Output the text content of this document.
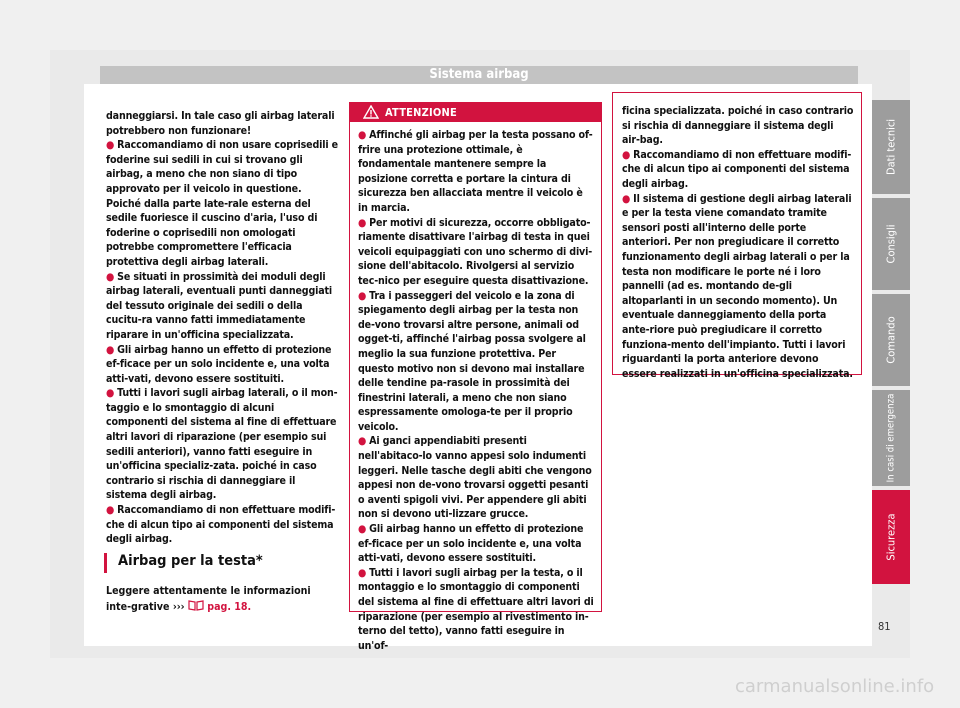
Sistema airbag

danneggiarsi. In tale caso gli airbag laterali potrebbero non funzionare!

● Raccomandiamo di non usare coprisedili e foderine sui sedili in cui si trovano gli airbag, a meno che non siano di tipo approvato per il veicolo in questione. Poiché dalla parte late-rale esterna del sedile fuoriesce il cuscino d'aria, l'uso di foderine o coprisedili non omologati potrebbe compromettere l'efficacia protettiva degli airbag laterali.

● Se situati in prossimità dei moduli degli airbag laterali, eventuali punti danneggiati del tessuto originale dei sedili o della cucitu-ra vanno fatti immediatamente riparare in un'officina specializzata.

● Gli airbag hanno un effetto di protezione ef-ficace per un solo incidente e, una volta atti-vati, devono essere sostituiti.

● Tutti i lavori sugli airbag laterali, o il mon-taggio e lo smontaggio di alcuni componenti del sistema al fine di effettuare altri lavori di riparazione (per esempio sui sedili anteriori), vanno fatti eseguire in un'officina specializ-zata. poiché in caso contrario si rischia di danneggiare il sistema degli airbag.

● Raccomandiamo di non effettuare modifi-che di alcun tipo ai componenti del sistema degli airbag.

Airbag per la testa*
Leggere attentamente le informazioni inte-grative ››› pag. 18.
ATTENZIONE

● Affinché gli airbag per la testa possano of-frire una protezione ottimale, è fondamentale mantenere sempre la posizione corretta e portare la cintura di sicurezza ben allacciata mentre il veicolo è in marcia.

● Per motivi di sicurezza, occorre obbligato-riamente disattivare l'airbag di testa in quei veicoli equipaggiati con uno schermo di divi-sione dell'abitacolo. Rivolgersi al servizio tec-nico per eseguire questa disattivazione.

● Tra i passeggeri del veicolo e la zona di spiegamento degli airbag per la testa non de-vono trovarsi altre persone, animali od ogget-ti, affinché l'airbag possa svolgere al meglio la sua funzione protettiva. Per questo motivo non si devono mai installare delle tendine pa-rasole in prossimità dei finestrini laterali, a meno che non siano espressamente omologa-te per il proprio veicolo.

● Ai ganci appendiabiti presenti nell'abitaco-lo vanno appesi solo indumenti leggeri. Nelle tasche degli abiti che vengono appesi non de-vono trovarsi oggetti pesanti o aventi spigoli vivi. Per appendere gli abiti non si devono uti-lizzare grucce.

● Gli airbag hanno un effetto di protezione ef-ficace per un solo incidente e, una volta atti-vati, devono essere sostituiti.

● Tutti i lavori sugli airbag per la testa, o il montaggio e lo smontaggio di componenti del sistema al fine di effettuare altri lavori di riparazione (per esempio al rivestimento in-terno del tetto), vanno fatti eseguire in un'of-

ficina specializzata. poiché in caso contrario si rischia di danneggiare il sistema degli air-bag.

● Raccomandiamo di non effettuare modifi-che di alcun tipo ai componenti del sistema degli airbag.

● Il sistema di gestione degli airbag laterali e per la testa viene comandato tramite sensori posti all'interno delle porte anteriori. Per non pregiudicare il corretto funzionamento degli airbag laterali o per la testa non modificare le porte né i loro pannelli (ad es. montando de-gli altoparlanti in un secondo momento). Un eventuale danneggiamento della porta ante-riore può pregiudicare il corretto funziona-mento dell'impianto. Tutti i lavori riguardanti la porta anteriore devono essere realizzati in un'officina specializzata.

Dati tecnici
Consigli
Comando
In casi di emergenza
Sicurezza
81
carmanualsonline.info
